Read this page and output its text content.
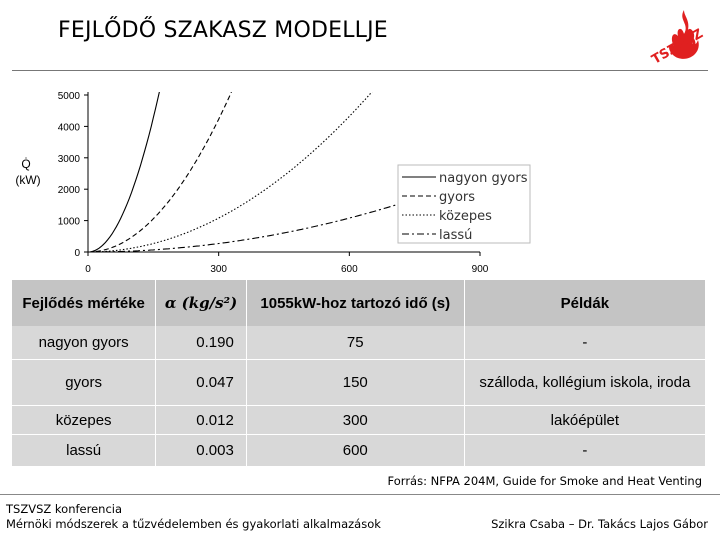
FEJLŐDŐ SZAKASZ MODELLJE	TSZVSZ
0
1000
2000
3000
4000
5000
0	300	600	900
Q̇
(kW)	nagyon gyors
gyors
közepes
lassú
Fejlődés mértéke	α (kg/s²)	1055kW-hoz tartozó idő (s)	Példák
nagyon gyors	0.190	75	-
gyors	0.047	150	szálloda, kollégium iskola, iroda
közepes	0.012	300	lakóépület
lassú	0.003	600	-
Forrás: NFPA 204M, Guide for Smoke and Heat Venting
TSZVSZ konferencia
Mérnöki módszerek a tűzvédelemben és gyakorlati alkalmazások	Szikra Csaba – Dr. Takács Lajos Gábor
